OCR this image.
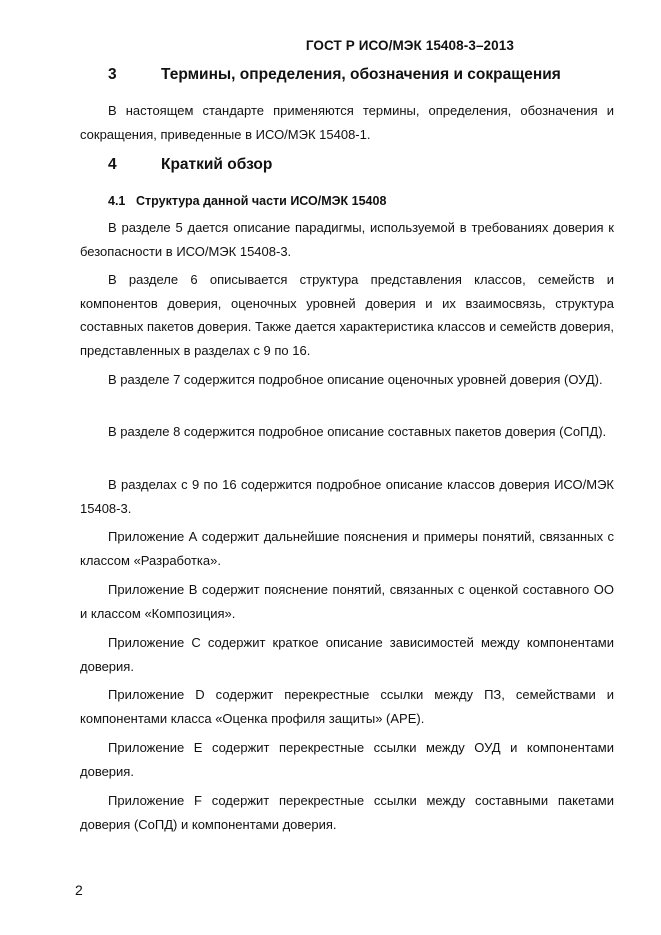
ГОСТ Р ИСО/МЭК 15408-3–2013
3	Термины, определения, обозначения и сокращения
В настоящем стандарте применяются термины, определения, обозначения и сокращения, приведенные в ИСО/МЭК 15408-1.
4	Краткий обзор
4.1 Структура данной части ИСО/МЭК 15408
В разделе 5 дается описание парадигмы, используемой в требованиях доверия к безопасности в ИСО/МЭК 15408-3.
В разделе 6 описывается структура представления классов, семейств и компонентов доверия, оценочных уровней доверия и их взаимосвязь, структура составных пакетов доверия. Также дается характеристика классов и семейств доверия, представленных в разделах с 9 по 16.
В разделе 7 содержится подробное описание оценочных уровней доверия (ОУД).
В разделе 8 содержится подробное описание составных пакетов доверия (СоПД).
В разделах с 9 по 16 содержится подробное описание классов доверия ИСО/МЭК 15408-3.
Приложение А содержит дальнейшие пояснения и примеры понятий, связанных с классом «Разработка».
Приложение В содержит пояснение понятий, связанных с оценкой составного ОО и классом «Композиция».
Приложение С содержит краткое описание зависимостей между компонентами доверия.
Приложение D содержит перекрестные ссылки между ПЗ, семействами и компонентами класса «Оценка профиля защиты» (АРЕ).
Приложение Е содержит перекрестные ссылки между ОУД и компонентами доверия.
Приложение F содержит перекрестные ссылки между составными пакетами доверия (СоПД) и компонентами доверия.
2
